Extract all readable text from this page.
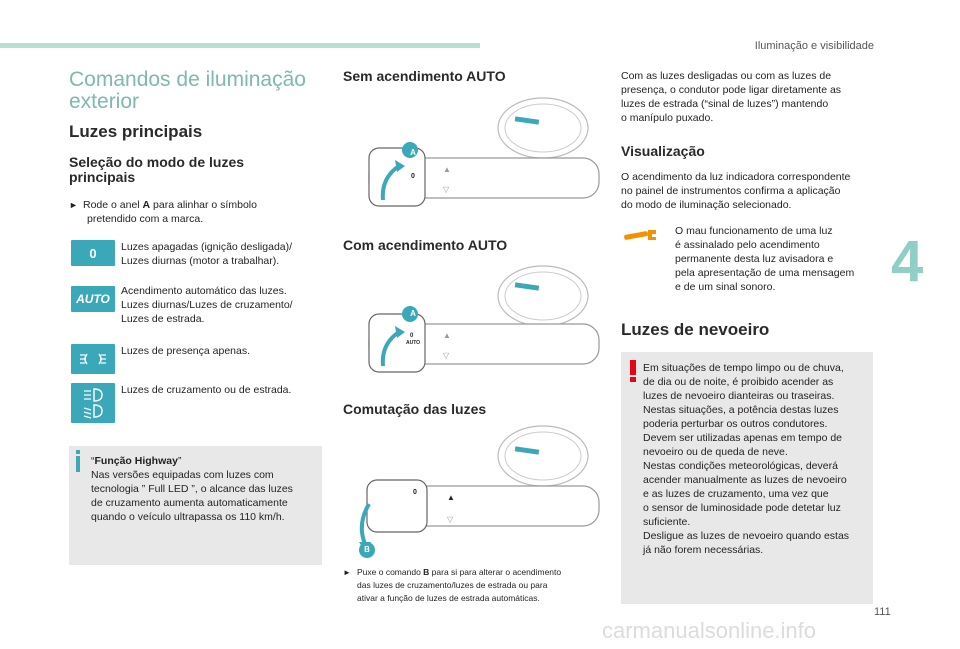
Iluminação e visibilidade
4
111
Comandos de iluminação
exterior
Luzes principais
Seleção do modo de luzes
principais
► Rode o anel A para alinhar o símbolo
pretendido com a marca.
0 Luzes apagadas (ignição desligada)/
Luzes diurnas (motor a trabalhar).
AUTO
Acendimento automático das luzes.
Luzes diurnas/Luzes de cruzamento/
Luzes de estrada.
Luzes de presença apenas.
Luzes de cruzamento ou de estrada.
“Função Highway”
Nas versões equipadas com luzes com
tecnologia ” Full LED ”, o alcance das luzes
de cruzamento aumenta automaticamente
quando o veículo ultrapassa os 110 km/h.
Sem acendimento AUTO
0
▲
▽
A
Com acendimento AUTO
▲
▽
A
0
AUTO
Comutação das luzes
0
▲
▽
B
► Puxe o comando B para si para alterar o acendimento
das luzes de cruzamento/luzes de estrada ou para
ativar a função de luzes de estrada automáticas.
Com as luzes desligadas ou com as luzes de
presença, o condutor pode ligar diretamente as
luzes de estrada (“sinal de luzes”) mantendo
o manípulo puxado.
Visualização
O acendimento da luz indicadora correspondente
no painel de instrumentos confirma a aplicação
do modo de iluminação selecionado.
O mau funcionamento de uma luz
é assinalado pelo acendimento
permanente desta luz avisadora e
pela apresentação de uma mensagem
e de um sinal sonoro.
Luzes de nevoeiro
Em situações de tempo limpo ou de chuva,
de dia ou de noite, é proibido acender as
luzes de nevoeiro dianteiras ou traseiras.
Nestas situações, a potência destas luzes
poderia perturbar os outros condutores.
Devem ser utilizadas apenas em tempo de
nevoeiro ou de queda de neve.
Nestas condições meteorológicas, deverá
acender manualmente as luzes de nevoeiro
e as luzes de cruzamento, uma vez que
o sensor de luminosidade pode detetar luz
suficiente.
Desligue as luzes de nevoeiro quando estas
já não forem necessárias.
carmanualsonline.info
